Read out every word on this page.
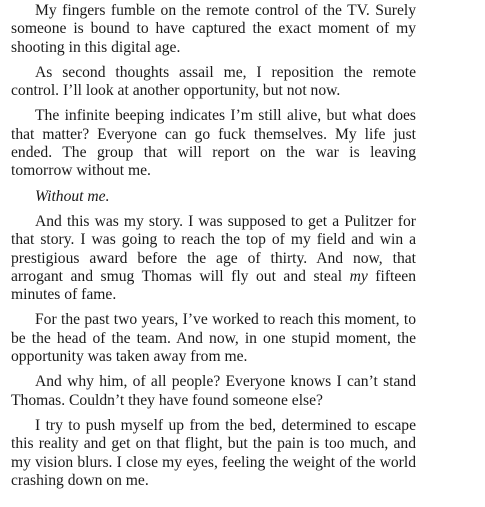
My fingers fumble on the remote control of the TV. Surely someone is bound to have captured the exact moment of my shooting in this digital age.

As second thoughts assail me, I reposition the remote control. I’ll look at another opportunity, but not now.

The infinite beeping indicates I’m still alive, but what does that matter? Everyone can go fuck themselves. My life just ended. The group that will report on the war is leaving tomorrow without me.

Without me.

And this was my story. I was supposed to get a Pulitzer for that story. I was going to reach the top of my field and win a prestigious award before the age of thirty. And now, that arrogant and smug Thomas will fly out and steal my fifteen minutes of fame.

For the past two years, I’ve worked to reach this moment, to be the head of the team. And now, in one stupid moment, the opportunity was taken away from me.

And why him, of all people? Everyone knows I can’t stand Thomas. Couldn’t they have found someone else?

I try to push myself up from the bed, determined to escape this reality and get on that flight, but the pain is too much, and my vision blurs. I close my eyes, feeling the weight of the world crashing down on me.
